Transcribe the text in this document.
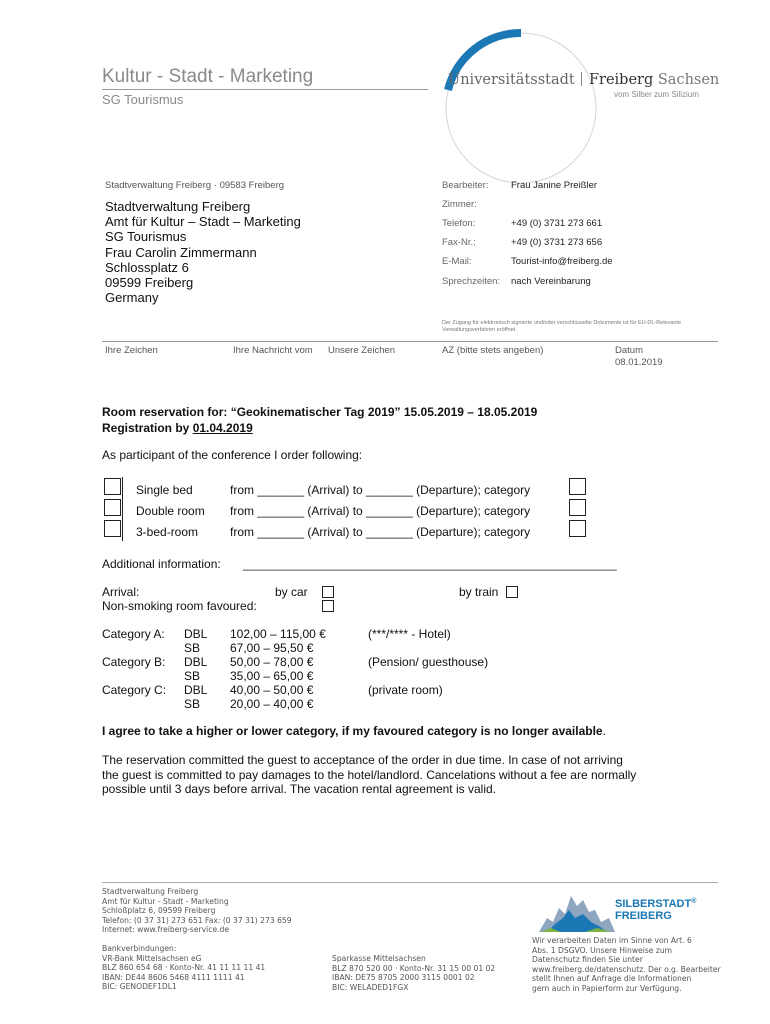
Kultur - Stadt - Marketing
SG Tourismus
Universitätsstadt Freiberg Sachsen
vom Silber zum Silizium
Stadtverwaltung Freiberg · 09583 Freiberg
Stadtverwaltung Freiberg
Amt für Kultur – Stadt – Marketing
SG Tourismus
Frau Carolin Zimmermann
Schlossplatz 6
09599 Freiberg
Germany
Bearbeiter: Frau Janine Preißler
Zimmer:
Telefon:	+49 (0) 3731 273 661
Fax-Nr.:	+49 (0) 3731 273 656
E-Mail:	Tourist-info@freiberg.de
Sprechzeiten: nach Vereinbarung
Der Zugang für elektronisch signierte und/oder verschlüsselte Dokumente ist für EU-DL-Relevante Verwaltungsverfahren eröffnet.
Ihre Zeichen	Ihre Nachricht vom Unsere Zeichen	AZ (bitte stets angeben)	Datum
08.01.2019
Room reservation for: “Geokinematischer Tag 2019” 15.05.2019 – 18.05.2019
Registration by 01.04.2019
As participant of the conference I order following:
Single bed	from _______ (Arrival) to _______ (Departure); category
Double room from _______ (Arrival) to _______ (Departure); category
3-bed-room	from _______ (Arrival) to _______ (Departure); category
Additional information: ________________________________________________________
Arrival:	by car	by train
Non-smoking room favoured:
Category A: DBL 102,00 – 115,00 €	(***/**** - Hotel)
SB 67,00 – 95,50 €
Category B: DBL 50,00 – 78,00 €	(Pension/ guesthouse)
SB 35,00 – 65,00 €
Category C: DBL 40,00 – 50,00 €	(private room)
SB 20,00 – 40,00 €
I agree to take a higher or lower category, if my favoured category is no longer available.
The reservation committed the guest to acceptance of the order in due time. In case of not arriving
the guest is committed to pay damages to the hotel/landlord. Cancelations without a fee are normally
possible until 3 days before arrival. The vacation rental agreement is valid.
Stadtverwaltung Freiberg
Amt für Kultur - Stadt - Marketing
Schloßplatz 6, 09599 Freiberg
Telefon: (0 37 31) 273 651 Fax: (0 37 31) 273 659
Internet: www.freiberg-service.de
Bankverbindungen:
VR-Bank Mittelsachsen eG
BLZ 860 654 68 · Konto-Nr. 41 11 11 11 41
IBAN: DE44 8606 5468 4111 1111 41
BIC: GENODEF1DL1
Sparkasse Mittelsachsen
BLZ 870 520 00 · Konto-Nr. 31 15 00 01 02
IBAN: DE75 8705 2000 3115 0001 02
BIC: WELADED1FGX
SILBERSTADT®
FREIBERG
Wir verarbeiten Daten im Sinne von Art. 6
Abs. 1 DSGVO. Unsere Hinweise zum
Datenschutz finden Sie unter
www.freiberg.de/datenschutz. Der o.g. Bearbeiter
stellt Ihnen auf Anfrage die Informationen
gern auch in Papierform zur Verfügung.
